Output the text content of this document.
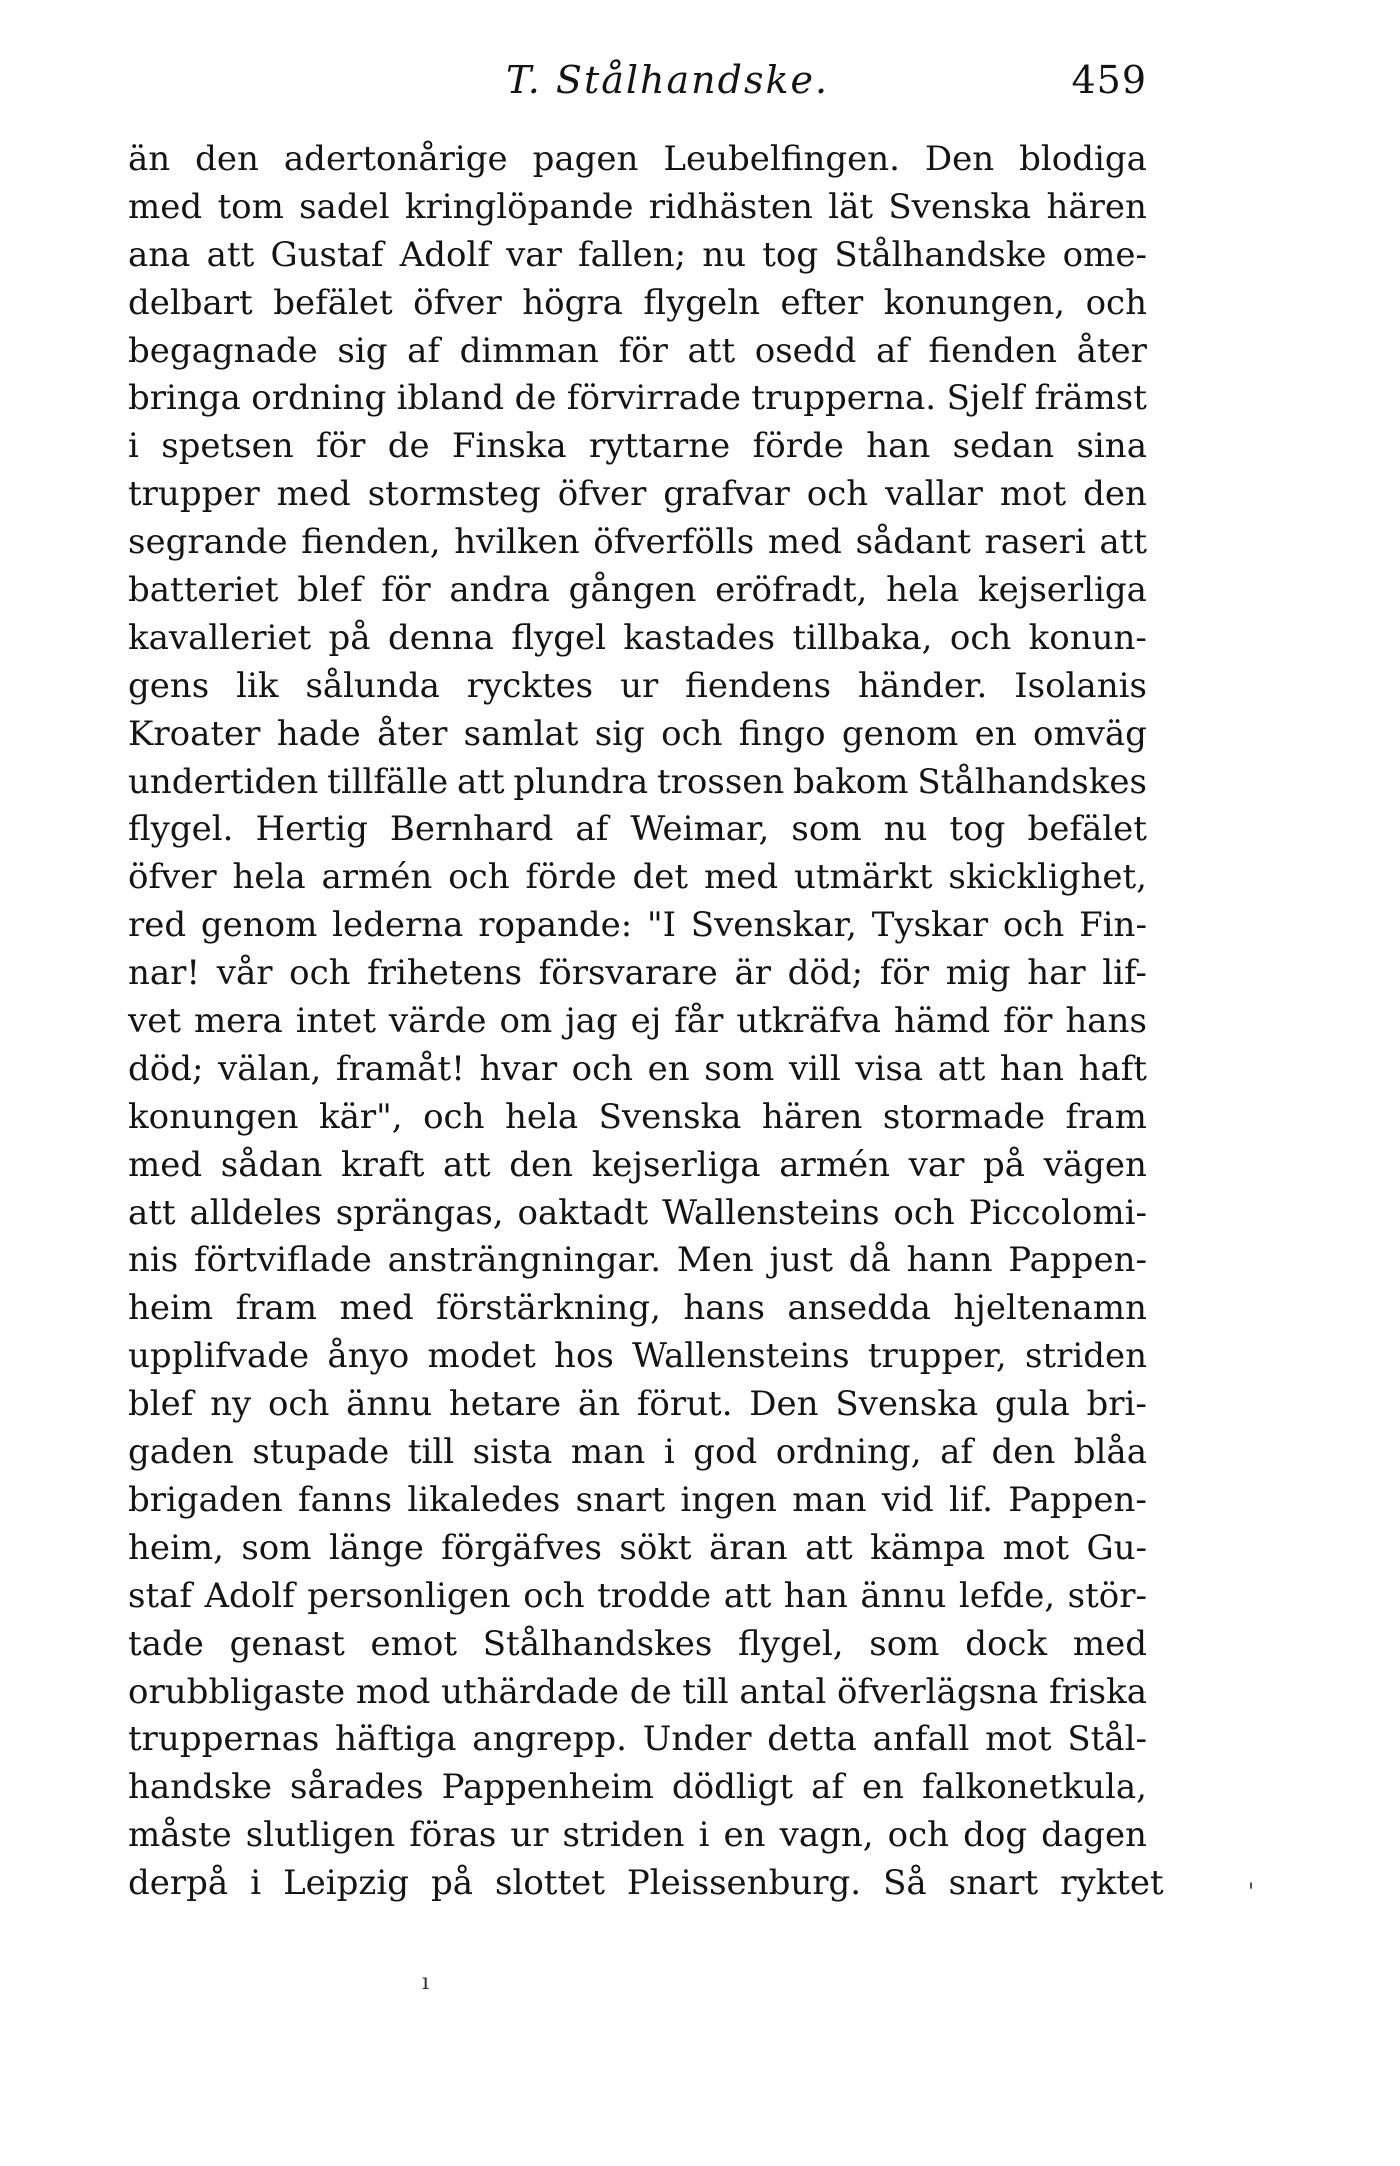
T. Stålhandske.	459
än den adertonårige pagen Leubelfingen. Den blodiga
med tom sadel kringlöpande ridhästen lät Svenska hären
ana att Gustaf Adolf var fallen; nu tog Stålhandske ome-
delbart befälet öfver högra flygeln efter konungen, och
begagnade sig af dimman för att osedd af fienden åter
bringa ordning ibland de förvirrade trupperna. Sjelf främst
i spetsen för de Finska ryttarne förde han sedan sina
trupper med stormsteg öfver grafvar och vallar mot den
segrande fienden, hvilken öfverfölls med sådant raseri att
batteriet blef för andra gången eröfradt, hela kejserliga
kavalleriet på denna flygel kastades tillbaka, och konun-
gens lik sålunda rycktes ur fiendens händer. Isolanis
Kroater hade åter samlat sig och fingo genom en omväg
undertiden tillfälle att plundra trossen bakom Stålhandskes
flygel. Hertig Bernhard af Weimar, som nu tog befälet
öfver hela armén och förde det med utmärkt skicklighet,
red genom lederna ropande: "I Svenskar, Tyskar och Fin-
nar! vår och frihetens försvarare är död; för mig har lif-
vet mera intet värde om jag ej får utkräfva hämd för hans
död; välan, framåt! hvar och en som vill visa att han haft
konungen kär", och hela Svenska hären stormade fram
med sådan kraft att den kejserliga armén var på vägen
att alldeles sprängas, oaktadt Wallensteins och Piccolomi-
nis förtviflade ansträngningar. Men just då hann Pappen-
heim fram med förstärkning, hans ansedda hjeltenamn
upplifvade ånyo modet hos Wallensteins trupper, striden
blef ny och ännu hetare än förut. Den Svenska gula bri-
gaden stupade till sista man i god ordning, af den blåa
brigaden fanns likaledes snart ingen man vid lif. Pappen-
heim, som länge förgäfves sökt äran att kämpa mot Gu-
staf Adolf personligen och trodde att han ännu lefde, stör-
tade genast emot Stålhandskes flygel, som dock med
orubbligaste mod uthärdade de till antal öfverlägsna friska
truppernas häftiga angrepp. Under detta anfall mot Stål-
handske sårades Pappenheim dödligt af en falkonetkula,
måste slutligen föras ur striden i en vagn, och dog dagen
derpå i Leipzig på slottet Pleissenburg. Så snart ryktet	'
ı
